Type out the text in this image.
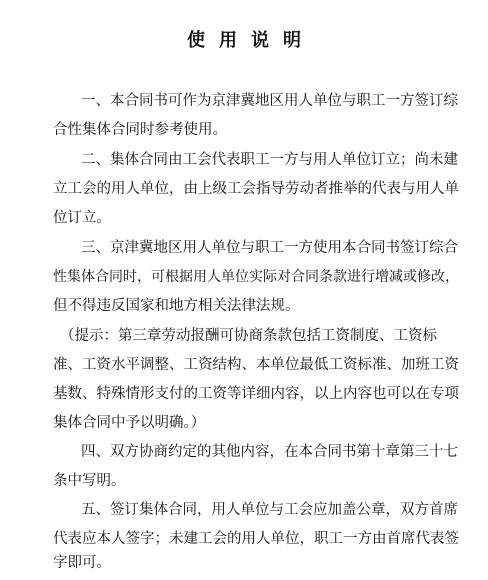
使用说明
一、本合同书可作为京津冀地区用人单位与职工一方签订综
合性集体合同时参考使用。
二、集体合同由工会代表职工一方与用人单位订立；尚未建
立工会的用人单位，由上级工会指导劳动者推举的代表与用人单
位订立。
三、京津冀地区用人单位与职工一方使用本合同书签订综合
性集体合同时，可根据用人单位实际对合同条款进行增减或修改，
但不得违反国家和地方相关法律法规。
（提示：第三章劳动报酬可协商条款包括工资制度、工资标
准、工资水平调整、工资结构、本单位最低工资标准、加班工资
基数、特殊情形支付的工资等详细内容，以上内容也可以在专项
集体合同中予以明确。）
四、双方协商约定的其他内容，在本合同书第十章第三十七
条中写明。
五、签订集体合同，用人单位与工会应加盖公章，双方首席
代表应本人签字；未建工会的用人单位，职工一方由首席代表签
字即可。
